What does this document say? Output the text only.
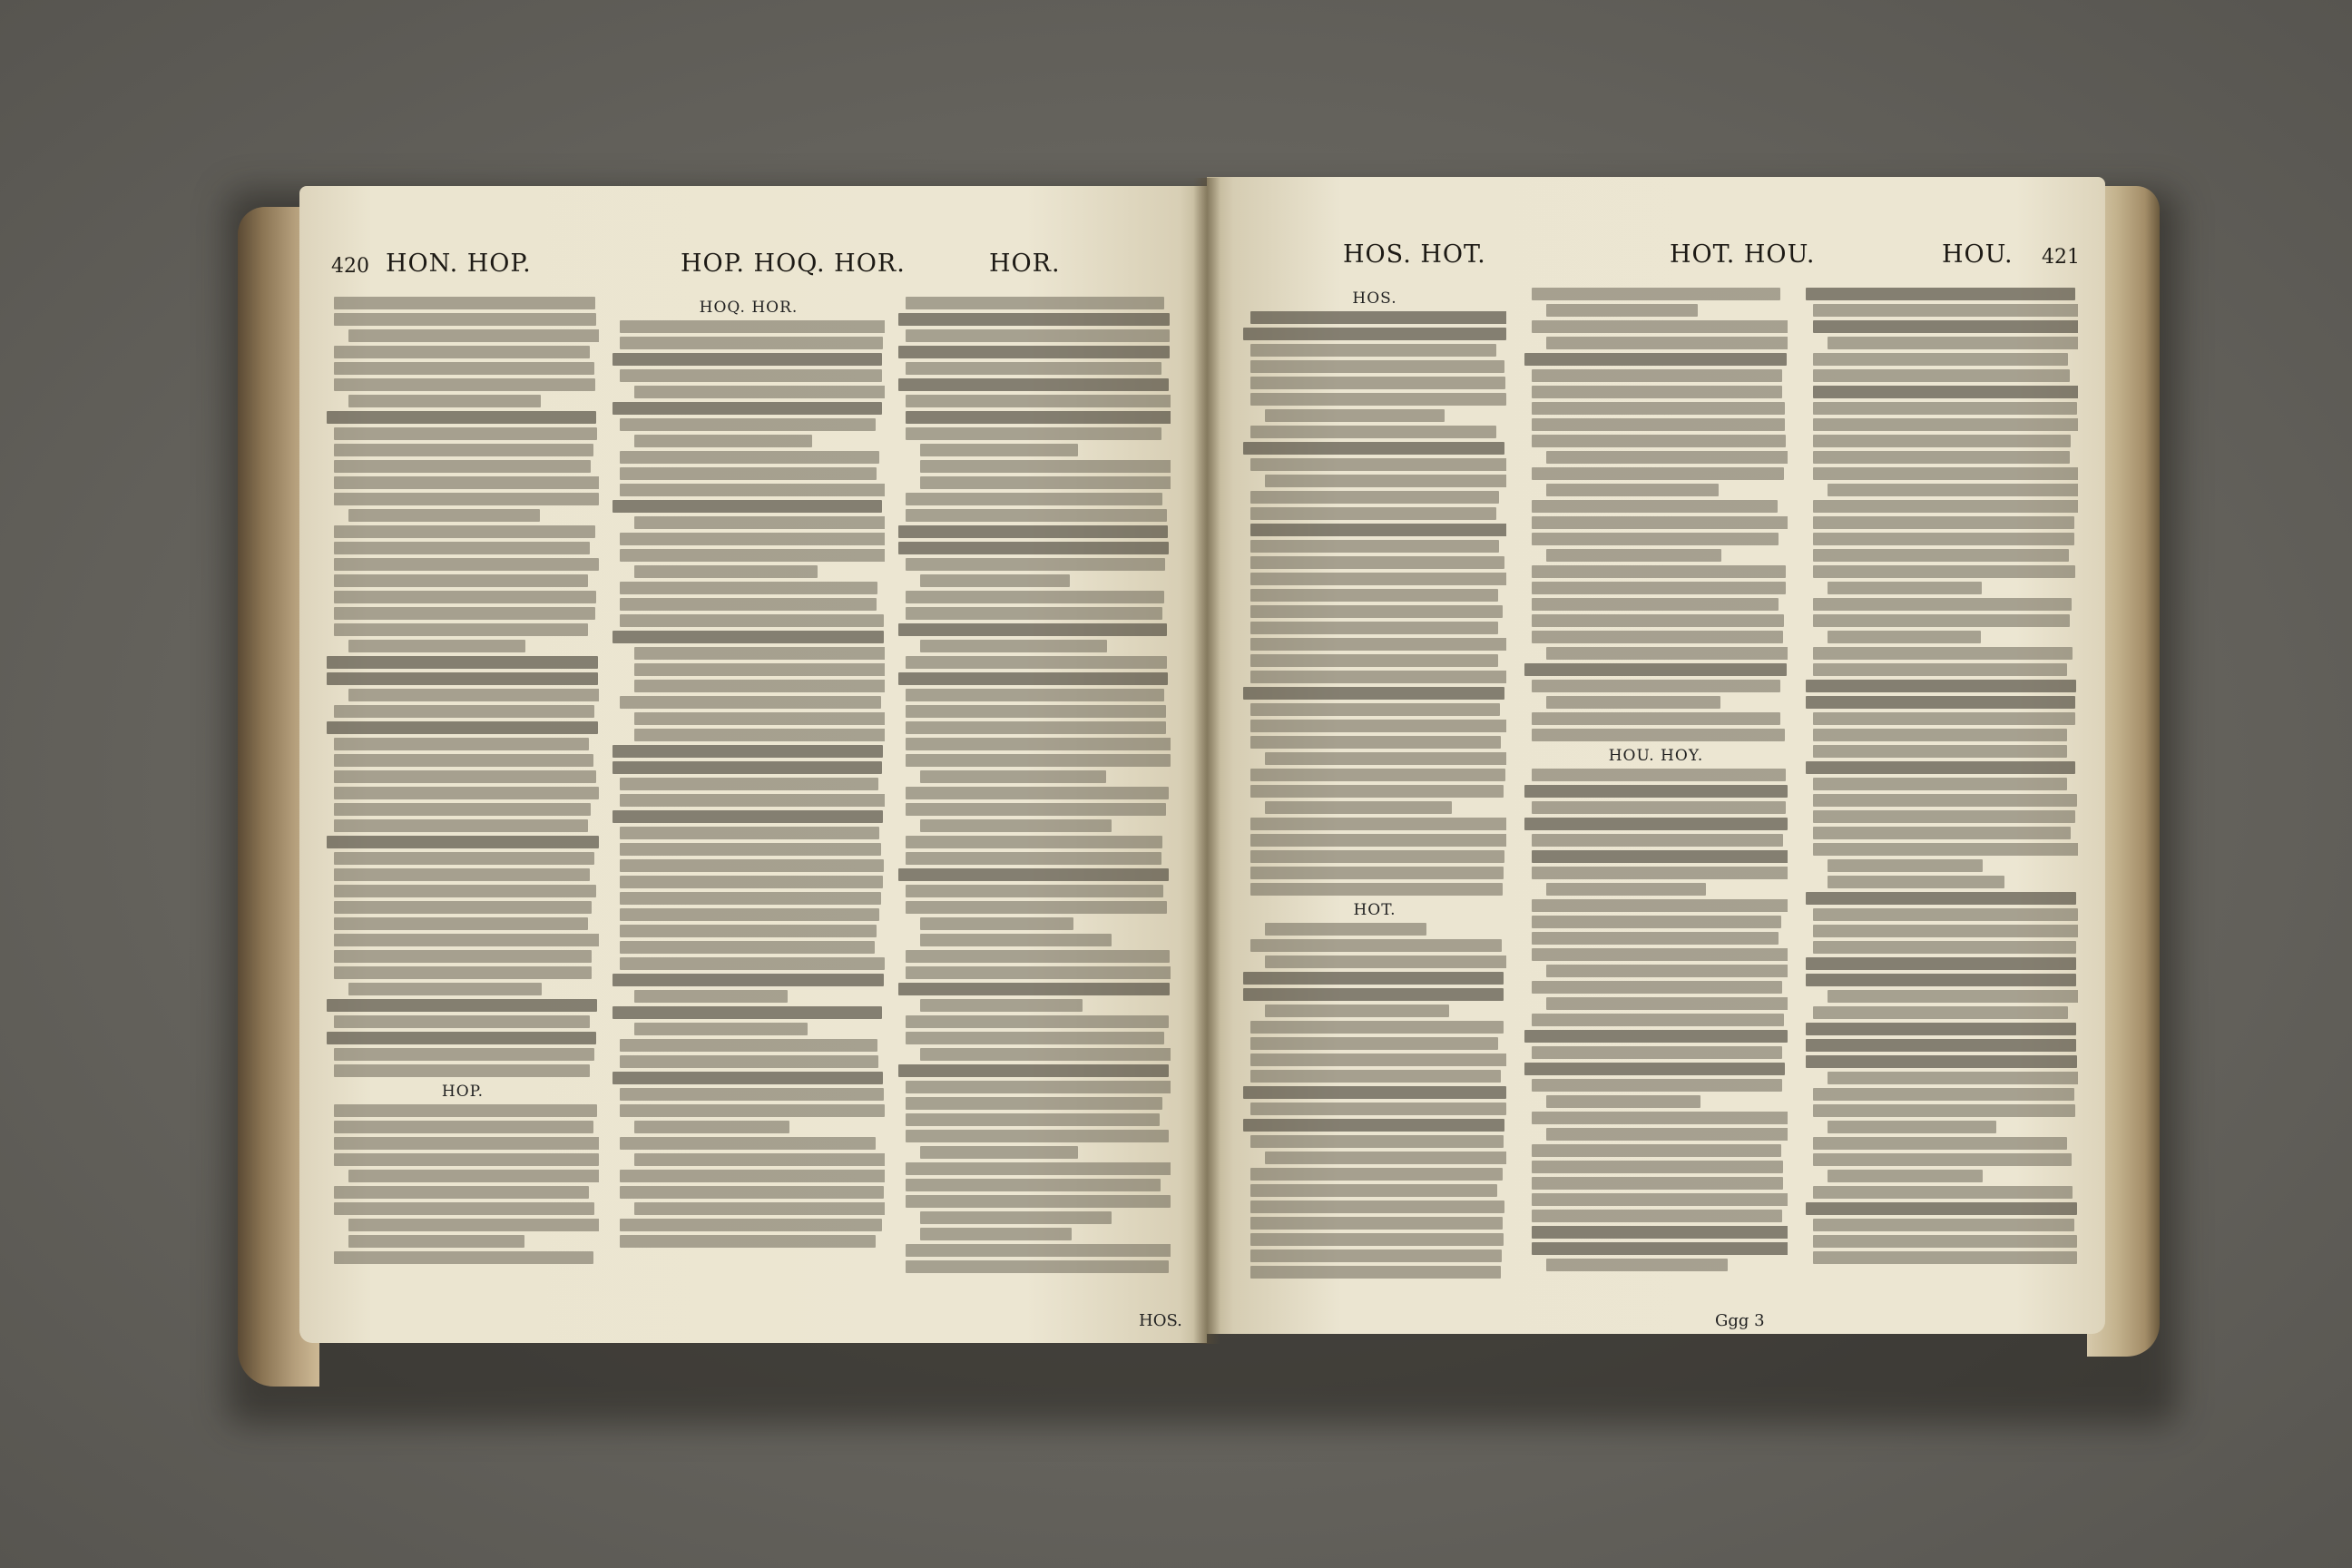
420 HON. HOP.	HOP. HOQ. HOR.	HOR.
HOP.
HOQ. HOR.
HOS.
HOS. HOT.	HOT. HOU.	HOU. 421
HOS.
HOT.
HOU. HOY.
Ggg 3
